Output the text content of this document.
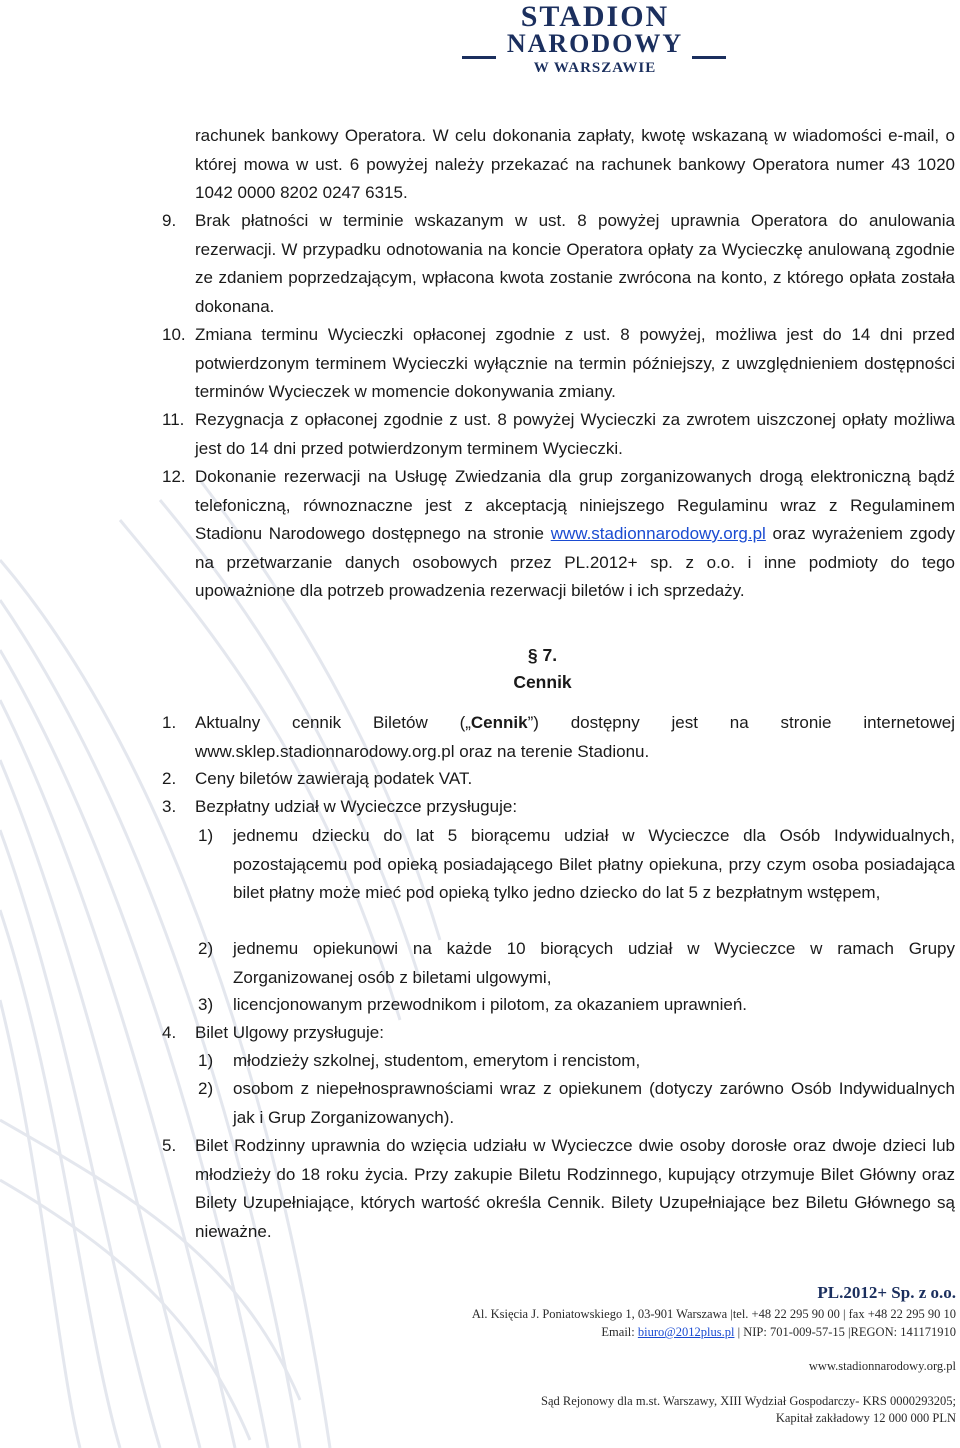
STADION
NARODOWY
W WARSZAWIE
rachunek bankowy Operatora. W celu dokonania zapłaty, kwotę wskazaną w wiadomości e-mail, o której mowa w ust. 6 powyżej należy przekazać na rachunek bankowy Operatora numer 43 1020 1042 0000 8202 0247 6315.
9. Brak płatności w terminie wskazanym w ust. 8 powyżej uprawnia Operatora do anulowania rezerwacji. W przypadku odnotowania na koncie Operatora opłaty za Wycieczkę anulowaną zgodnie ze zdaniem poprzedzającym, wpłacona kwota zostanie zwrócona na konto, z którego opłata została dokonana.
10. Zmiana terminu Wycieczki opłaconej zgodnie z ust. 8 powyżej, możliwa jest do 14 dni przed potwierdzonym terminem Wycieczki wyłącznie na termin późniejszy, z uwzględnieniem dostępności terminów Wycieczek w momencie dokonywania zmiany.
11. Rezygnacja z opłaconej zgodnie z ust. 8 powyżej Wycieczki za zwrotem uiszczonej opłaty możliwa jest do 14 dni przed potwierdzonym terminem Wycieczki.
12. Dokonanie rezerwacji na Usługę Zwiedzania dla grup zorganizowanych drogą elektroniczną bądź telefoniczną, równoznaczne jest z akceptacją niniejszego Regulaminu wraz z Regulaminem Stadionu Narodowego dostępnego na stronie www.stadionnarodowy.org.pl oraz wyrażeniem zgody na przetwarzanie danych osobowych przez PL.2012+ sp. z o.o. i inne podmioty do tego upoważnione dla potrzeb prowadzenia rezerwacji biletów i ich sprzedaży.
§ 7.
Cennik
1. Aktualny cennik Biletów („Cennik”) dostępny jest na stronie internetowej www.sklep.stadionnarodowy.org.pl oraz na terenie Stadionu.
2. Ceny biletów zawierają podatek VAT.
3. Bezpłatny udział w Wycieczce przysługuje:
1) jednemu dziecku do lat 5 biorącemu udział w Wycieczce dla Osób Indywidualnych, pozostającemu pod opieką posiadającego Bilet płatny opiekuna, przy czym osoba posiadająca bilet płatny może mieć pod opieką tylko jedno dziecko do lat 5 z bezpłatnym wstępem,
2) jednemu opiekunowi na każde 10 biorących udział w Wycieczce w ramach Grupy Zorganizowanej osób z biletami ulgowymi,
3) licencjonowanym przewodnikom i pilotom, za okazaniem uprawnień.
4. Bilet Ulgowy przysługuje:
1) młodzieży szkolnej, studentom, emerytom i rencistom,
2) osobom z niepełnosprawnościami wraz z opiekunem (dotyczy zarówno Osób Indywidualnych jak i Grup Zorganizowanych).
5. Bilet Rodzinny uprawnia do wzięcia udziału w Wycieczce dwie osoby dorosłe oraz dwoje dzieci lub młodzieży do 18 roku życia. Przy zakupie Biletu Rodzinnego, kupujący otrzymuje Bilet Główny oraz Bilety Uzupełniające, których wartość określa Cennik. Bilety Uzupełniające bez Biletu Głównego są nieważne.
PL.2012+ Sp. z o.o.
Al. Księcia J. Poniatowskiego 1, 03-901 Warszawa |tel. +48 22 295 90 00 | fax +48 22 295 90 10
Email: biuro@2012plus.pl | NIP: 701-009-57-15 |REGON: 141171910
www.stadionnarodowy.org.pl
Sąd Rejonowy dla m.st. Warszawy, XIII Wydział Gospodarczy- KRS 0000293205;
Kapitał zakładowy 12 000 000 PLN
